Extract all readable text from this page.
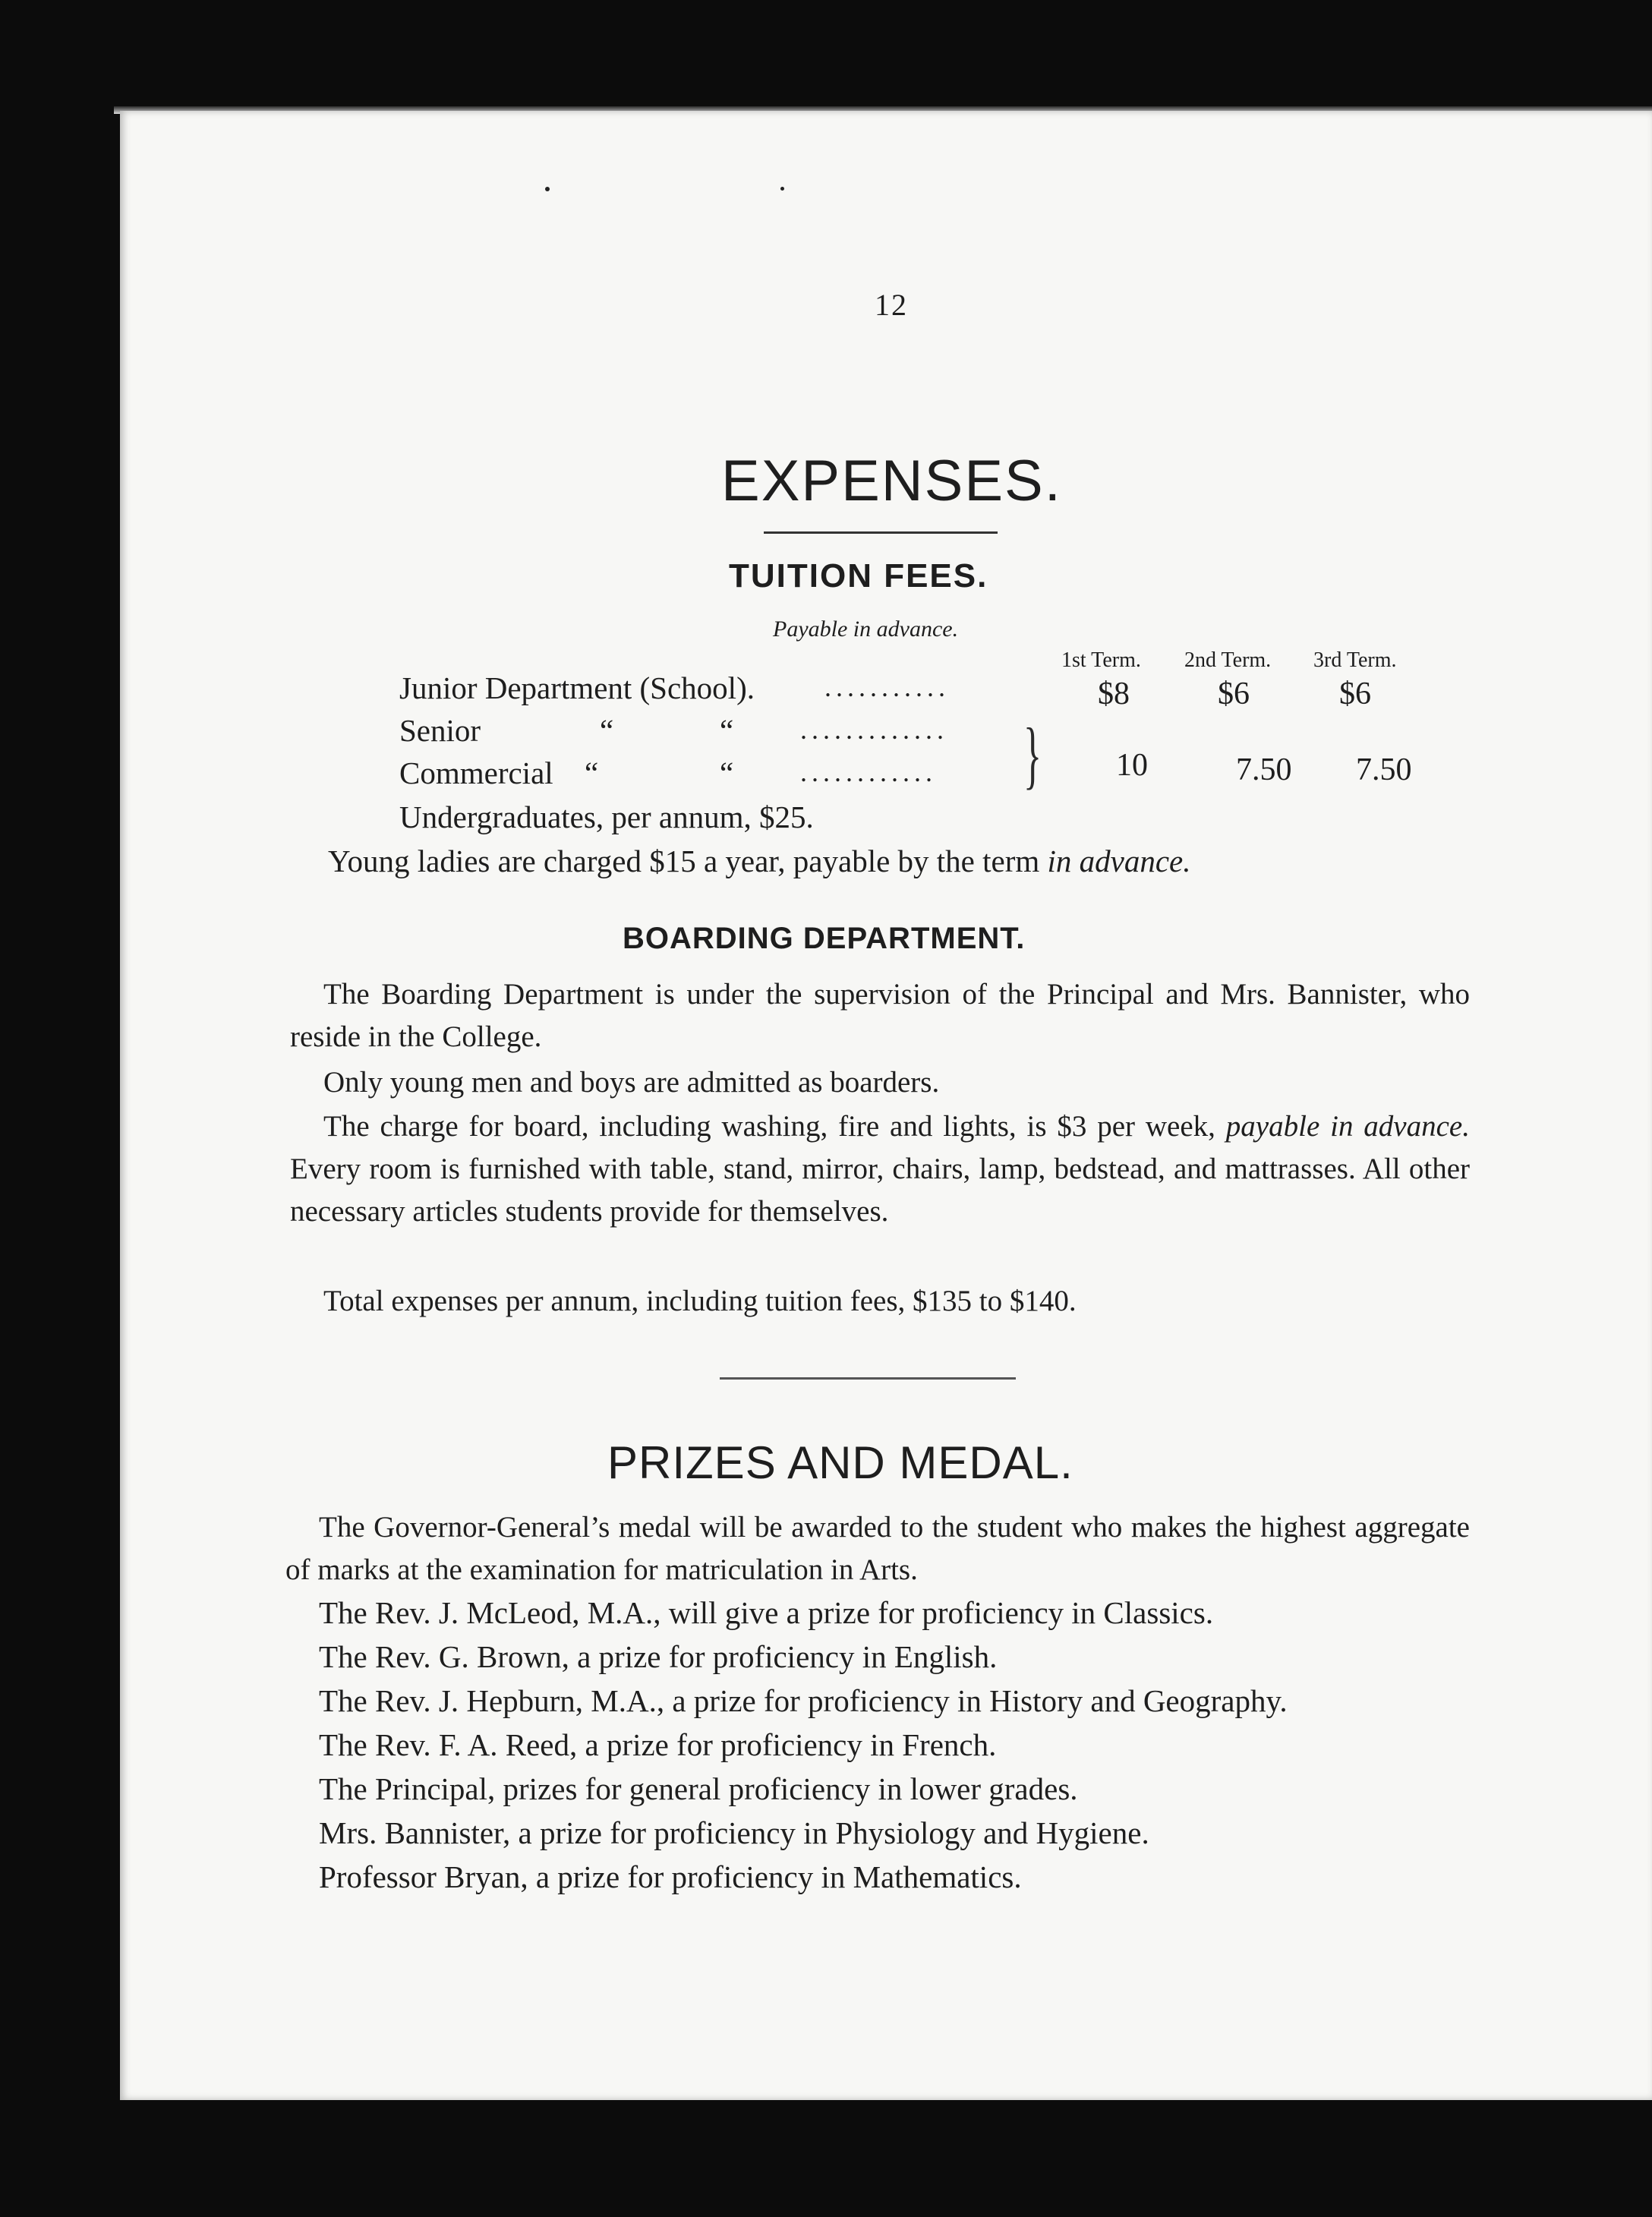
12
EXPENSES.
TUITION FEES.
Payable in advance.
1st Term. 2nd Term. 3rd Term.
Junior Department (School).	...........	$8	$6	$6
Senior	“	“ .............
Commercial “	“ ............ } 10	7.50 7.50
Undergraduates, per annum, $25.
Young ladies are charged $15 a year, payable by the term in advance.
BOARDING DEPARTMENT.

The Boarding Department is under the supervision of the Principal and Mrs. Bannister, who reside in the College.

Only young men and boys are admitted as boarders.

The charge for board, including washing, fire and lights, is $3 per week, payable in advance. Every room is furnished with table, stand, mirror, chairs, lamp, bedstead, and mattrasses. All other necessary articles students provide for themselves.

Total expenses per annum, including tuition fees, $135 to $140.

PRIZES AND MEDAL.

The Governor-General’s medal will be awarded to the student who makes the highest aggregate of marks at the examination for matriculation in Arts.

The Rev. J. McLeod, M.A., will give a prize for proficiency in Classics.
The Rev. G. Brown, a prize for proficiency in English.
The Rev. J. Hepburn, M.A., a prize for proficiency in History and Geography.
The Rev. F. A. Reed, a prize for proficiency in French.
The Principal, prizes for general proficiency in lower grades.
Mrs. Bannister, a prize for proficiency in Physiology and Hygiene.
Professor Bryan, a prize for proficiency in Mathematics.
